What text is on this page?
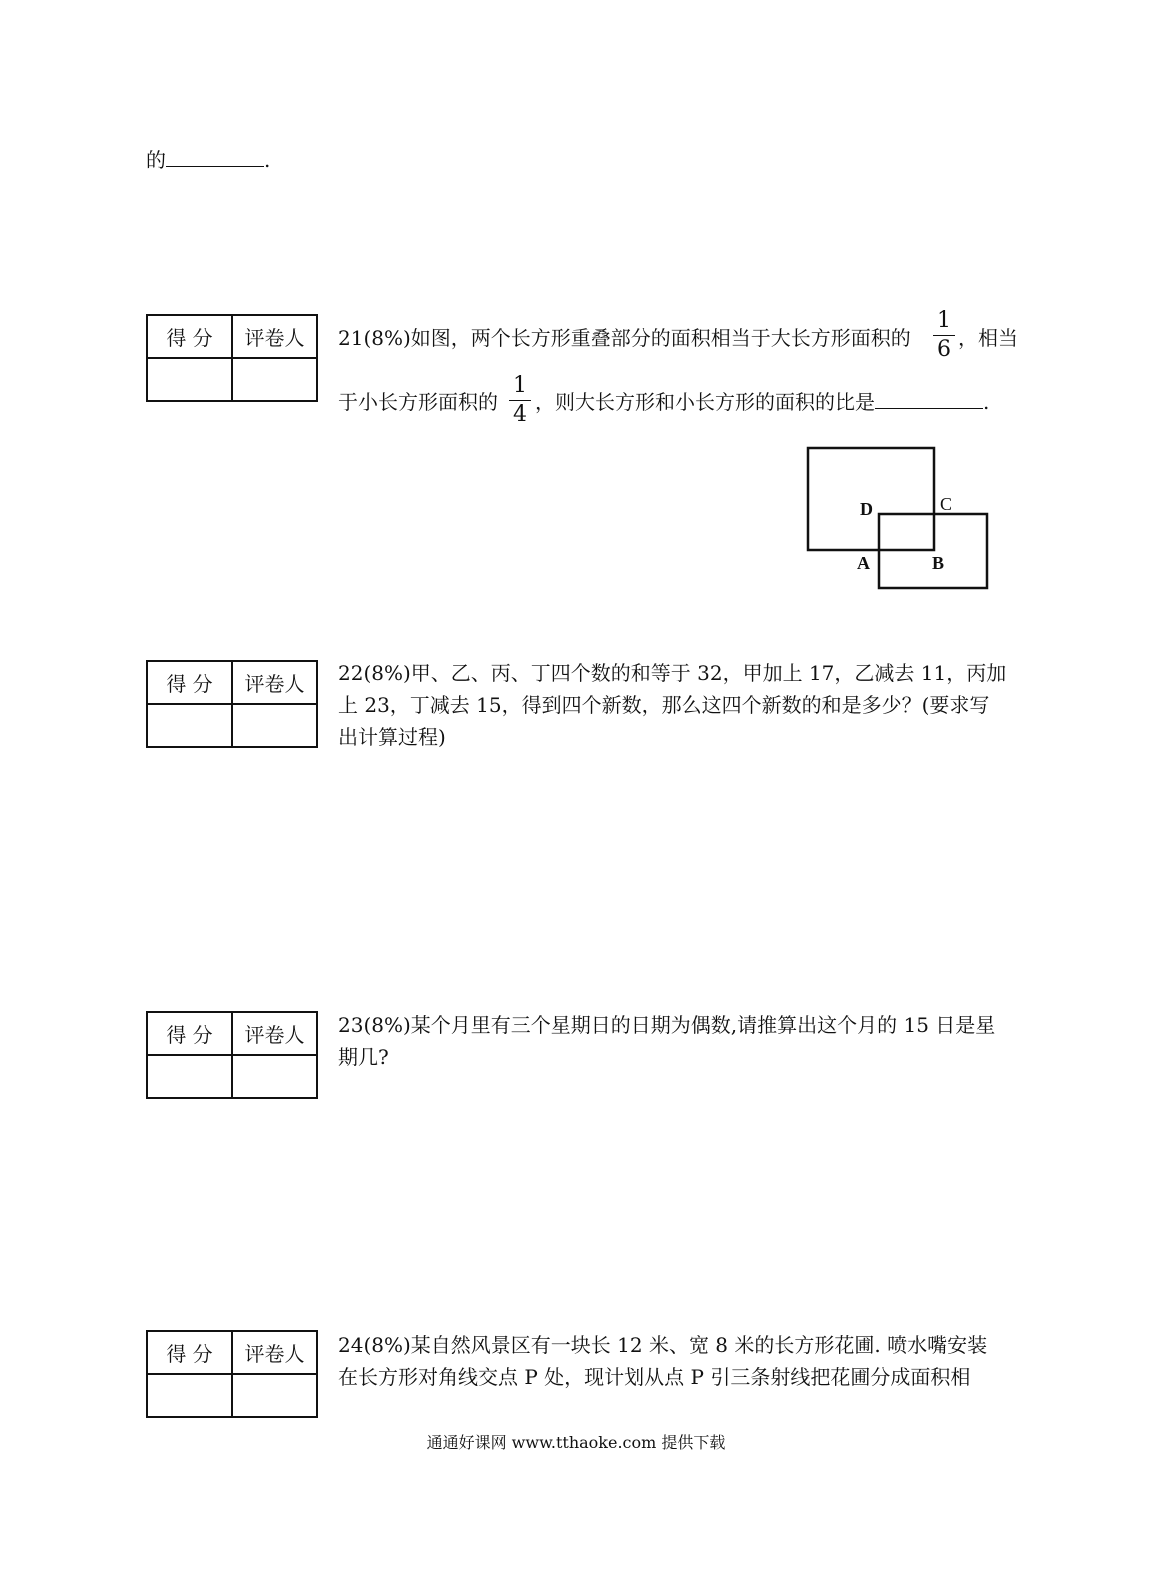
的	.
得 分	评卷人
	21(8%)如图，两个长方形重叠部分的面积相当于大长方形面积的
1
6 ，相当
于小长方形面积的
1
4 ，则大长方形和小长方形的面积的比是	.
D	C
A	B
得 分	评卷人
	22(8%)甲、乙、丙、丁四个数的和等于 32，甲加上 17，乙减去 11，丙加
上 23，丁减去 15，得到四个新数，那么这四个新数的和是多少？(要求写
出计算过程)
得 分	评卷人
	23(8%)某个月里有三个星期日的日期为偶数,请推算出这个月的 15 日是星
期几?
得 分	评卷人
	24(8%)某自然风景区有一块长 12 米、宽 8 米的长方形花圃. 喷水嘴安装
在长方形对角线交点 P 处，现计划从点 P 引三条射线把花圃分成面积相
通通好课网 www.tthaoke.com 提供下载
